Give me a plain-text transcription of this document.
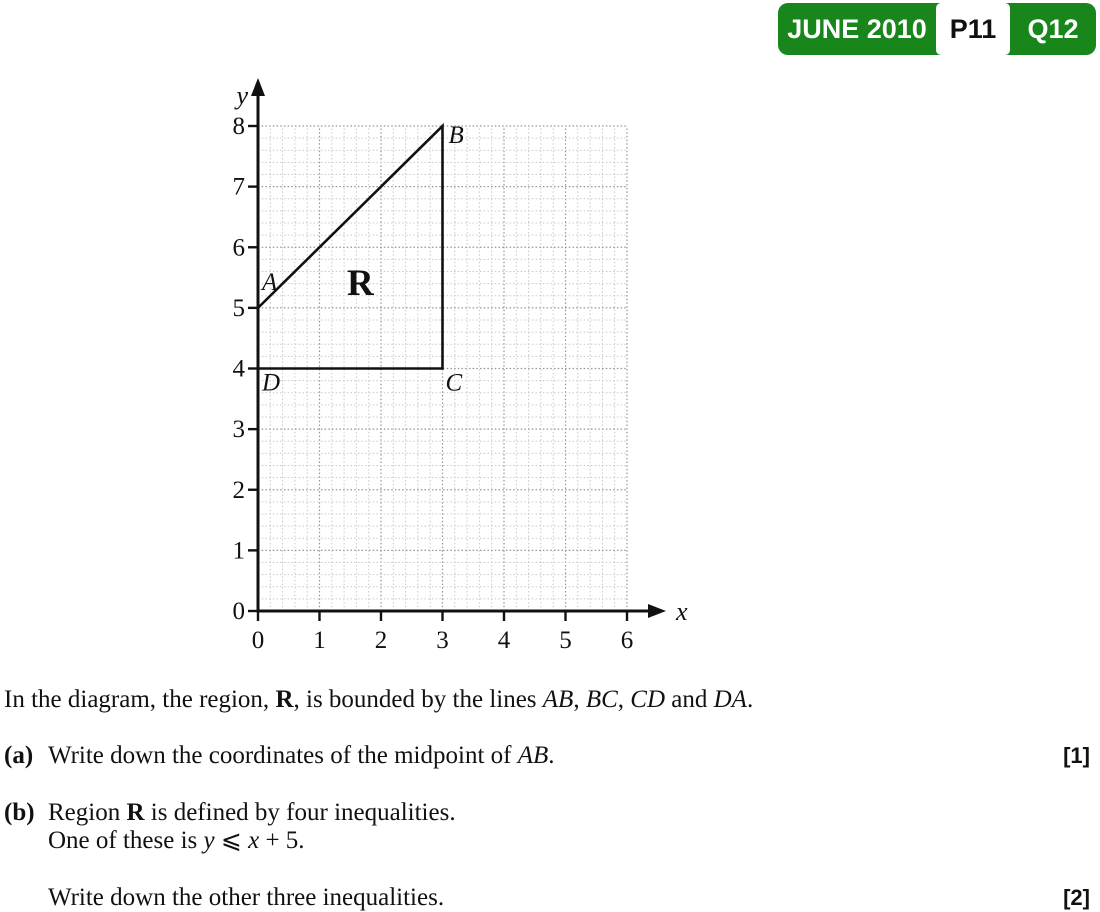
JUNE 2010 P11	Q12
y
x
0 1 2 3 4 5 6
0
1
2
3
4
5
6
7
8
A
B
C
D
R

In the diagram, the region, R, is bounded by the lines AB, BC, CD and DA.

(a) Write down the coordinates of the midpoint of AB.	[1]

(b) Region R is defined by four inequalities.

One of these is y ⩽ x + 5.

Write down the other three inequalities.	[2]
